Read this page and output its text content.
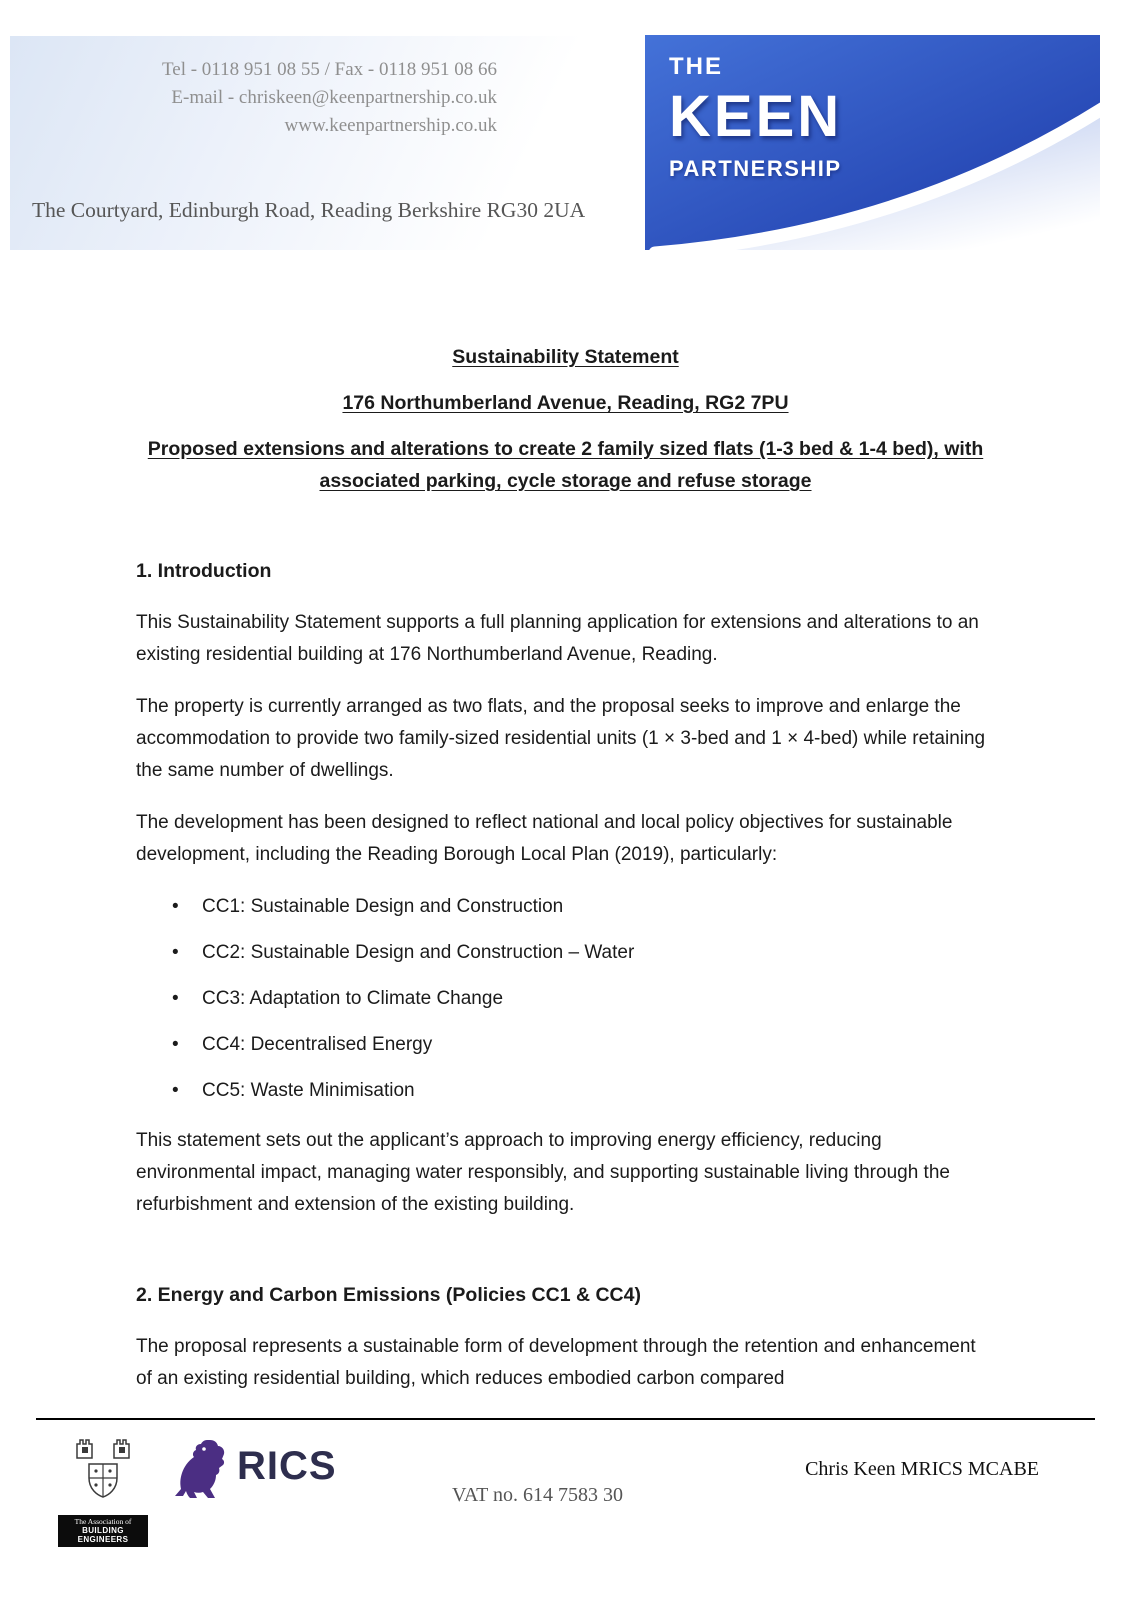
Tel - 0118 951 08 55 / Fax - 0118 951 08 66
E-mail - chriskeen@keenpartnership.co.uk
www.keenpartnership.co.uk
The Courtyard, Edinburgh Road, Reading Berkshire RG30 2UA
THE
KEEN
PARTNERSHIP
Sustainability Statement
176 Northumberland Avenue, Reading, RG2 7PU
Proposed extensions and alterations to create 2 family sized flats (1-3 bed & 1-4 bed), with associated parking, cycle storage and refuse storage
1. Introduction

This Sustainability Statement supports a full planning application for extensions and alterations to an existing residential building at 176 Northumberland Avenue, Reading.

The property is currently arranged as two flats, and the proposal seeks to improve and enlarge the accommodation to provide two family-sized residential units (1 × 3-bed and 1 × 4-bed) while retaining the same number of dwellings.

The development has been designed to reflect national and local policy objectives for sustainable development, including the Reading Borough Local Plan (2019), particularly:

• CC1: Sustainable Design and Construction
• CC2: Sustainable Design and Construction – Water
• CC3: Adaptation to Climate Change
• CC4: Decentralised Energy
• CC5: Waste Minimisation

This statement sets out the applicant’s approach to improving energy efficiency, reducing environmental impact, managing water responsibly, and supporting sustainable living through the refurbishment and extension of the existing building.

2. Energy and Carbon Emissions (Policies CC1 & CC4)

The proposal represents a sustainable form of development through the retention and enhancement of an existing residential building, which reduces embodied carbon compared

The Association of
BUILDING ENGINEERS
RICS
VAT no. 614 7583 30
Chris Keen MRICS MCABE
